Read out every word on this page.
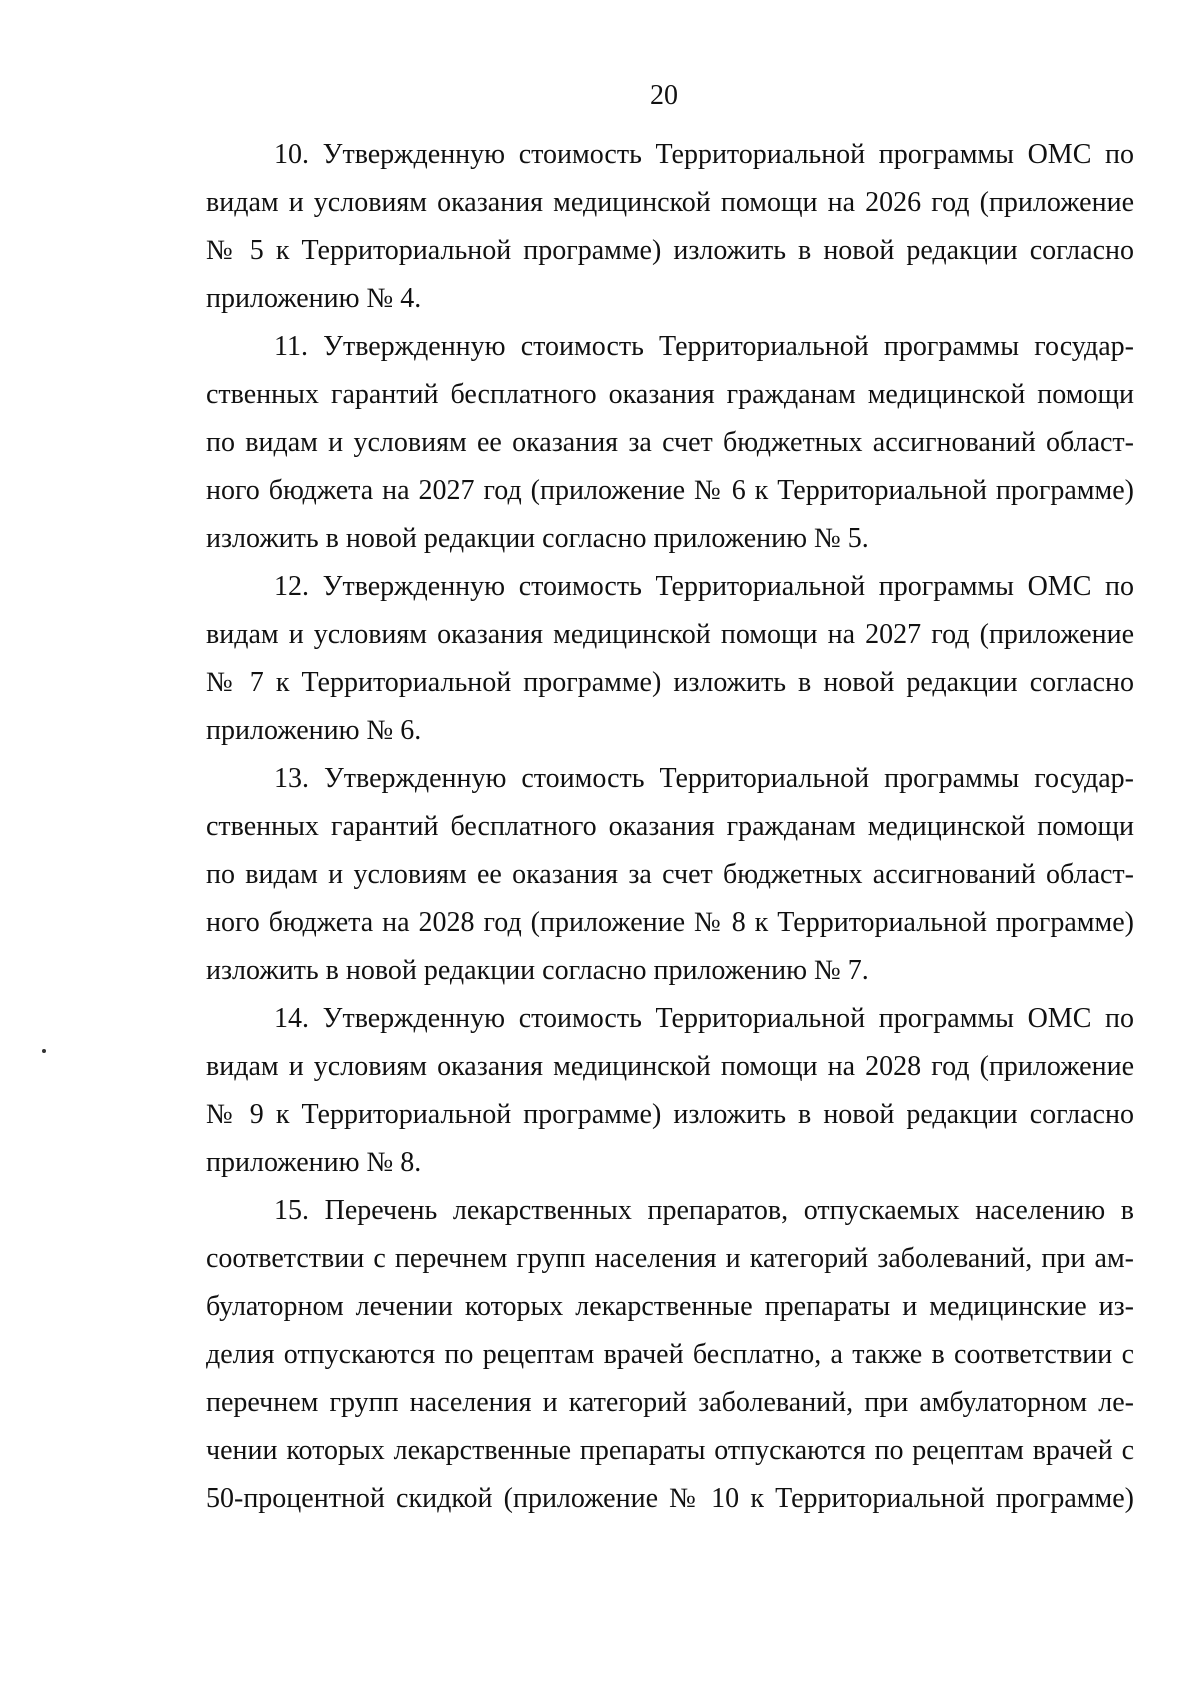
20

10. Утвержденную стоимость Территориальной программы ОМС по
видам и условиям оказания медицинской помощи на 2026 год (приложение
№ 5 к Территориальной программе) изложить в новой редакции согласно
приложению № 4.

11. Утвержденную стоимость Территориальной программы государ-
ственных гарантий бесплатного оказания гражданам медицинской помощи
по видам и условиям ее оказания за счет бюджетных ассигнований област-
ного бюджета на 2027 год (приложение № 6 к Территориальной программе)
изложить в новой редакции согласно приложению № 5.

12. Утвержденную стоимость Территориальной программы ОМС по
видам и условиям оказания медицинской помощи на 2027 год (приложение
№ 7 к Территориальной программе) изложить в новой редакции согласно
приложению № 6.

13. Утвержденную стоимость Территориальной программы государ-
ственных гарантий бесплатного оказания гражданам медицинской помощи
по видам и условиям ее оказания за счет бюджетных ассигнований област-
ного бюджета на 2028 год (приложение № 8 к Территориальной программе)
изложить в новой редакции согласно приложению № 7.

14. Утвержденную стоимость Территориальной программы ОМС по
видам и условиям оказания медицинской помощи на 2028 год (приложение
№ 9 к Территориальной программе) изложить в новой редакции согласно
приложению № 8.

15. Перечень лекарственных препаратов, отпускаемых населению в
соответствии с перечнем групп населения и категорий заболеваний, при ам-
булаторном лечении которых лекарственные препараты и медицинские из-
делия отпускаются по рецептам врачей бесплатно, а также в соответствии с
перечнем групп населения и категорий заболеваний, при амбулаторном ле-
чении которых лекарственные препараты отпускаются по рецептам врачей с
50-процентной скидкой (приложение № 10 к Территориальной программе)
